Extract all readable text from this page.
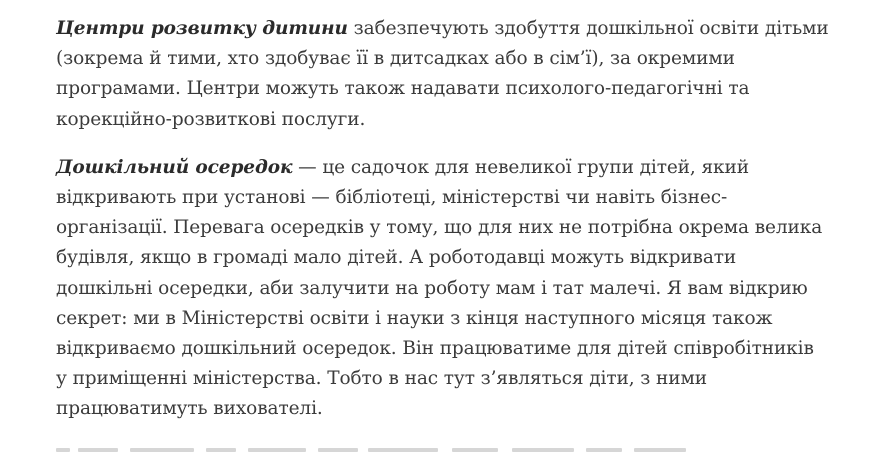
Центри розвитку дитини забезпечують здобуття дошкільної освіти дітьми
(зокрема й тими, хто здобуває її в дитсадках або в сім’ї), за окремими
програмами. Центри можуть також надавати психолого-педагогічні та
корекційно-розвиткові послуги.

Дошкільний осередок — це садочок для невеликої групи дітей, який
відкривають при установі — бібліотеці, міністерстві чи навіть бізнес-
організації. Перевага осередків у тому, що для них не потрібна окрема велика
будівля, якщо в громаді мало дітей. А роботодавці можуть відкривати
дошкільні осередки, аби залучити на роботу мам і тат малечі. Я вам відкрию
секрет: ми в Міністерстві освіти і науки з кінця наступного місяця також
відкриваємо дошкільний осередок. Він працюватиме для дітей співробітників
у приміщенні міністерства. Тобто в нас тут з’являться діти, з ними
працюватимуть вихователі.
